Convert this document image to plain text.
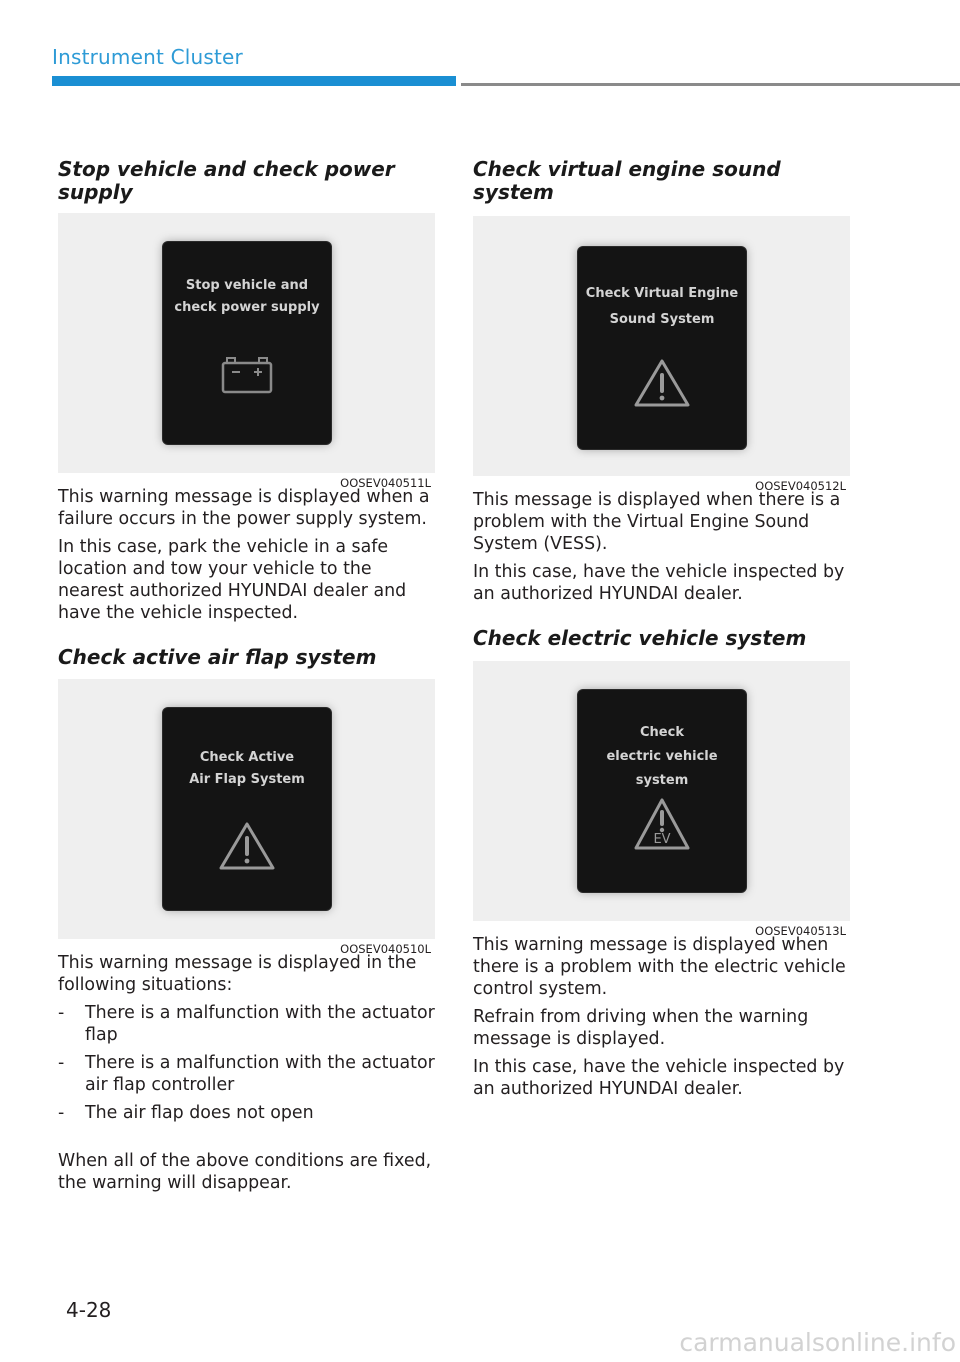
Instrument Cluster
Stop vehicle and check power supply
Stop vehicle and
check power supply
OOSEV040511L

This warning message is displayed when a failure occurs in the power supply system.

In this case, park the vehicle in a safe location and tow your vehicle to the nearest authorized HYUNDAI dealer and have the vehicle inspected.

Check active air flap system
Check Active
Air Flap System
OOSEV040510L

This warning message is displayed in the following situations:

- There is a malfunction with the actuator flap
- There is a malfunction with the actuator air flap controller
- The air flap does not open

When all of the above conditions are fixed, the warning will disappear.

Check virtual engine sound system
Check Virtual Engine
Sound System
OOSEV040512L

This message is displayed when there is a problem with the Virtual Engine Sound System (VESS).

In this case, have the vehicle inspected by an authorized HYUNDAI dealer.

Check electric vehicle system
Check
electric vehicle system
EV
OOSEV040513L

This warning message is displayed when there is a problem with the electric vehicle control system.

Refrain from driving when the warning message is displayed.

In this case, have the vehicle inspected by an authorized HYUNDAI dealer.

4-28
carmanualsonline.info
